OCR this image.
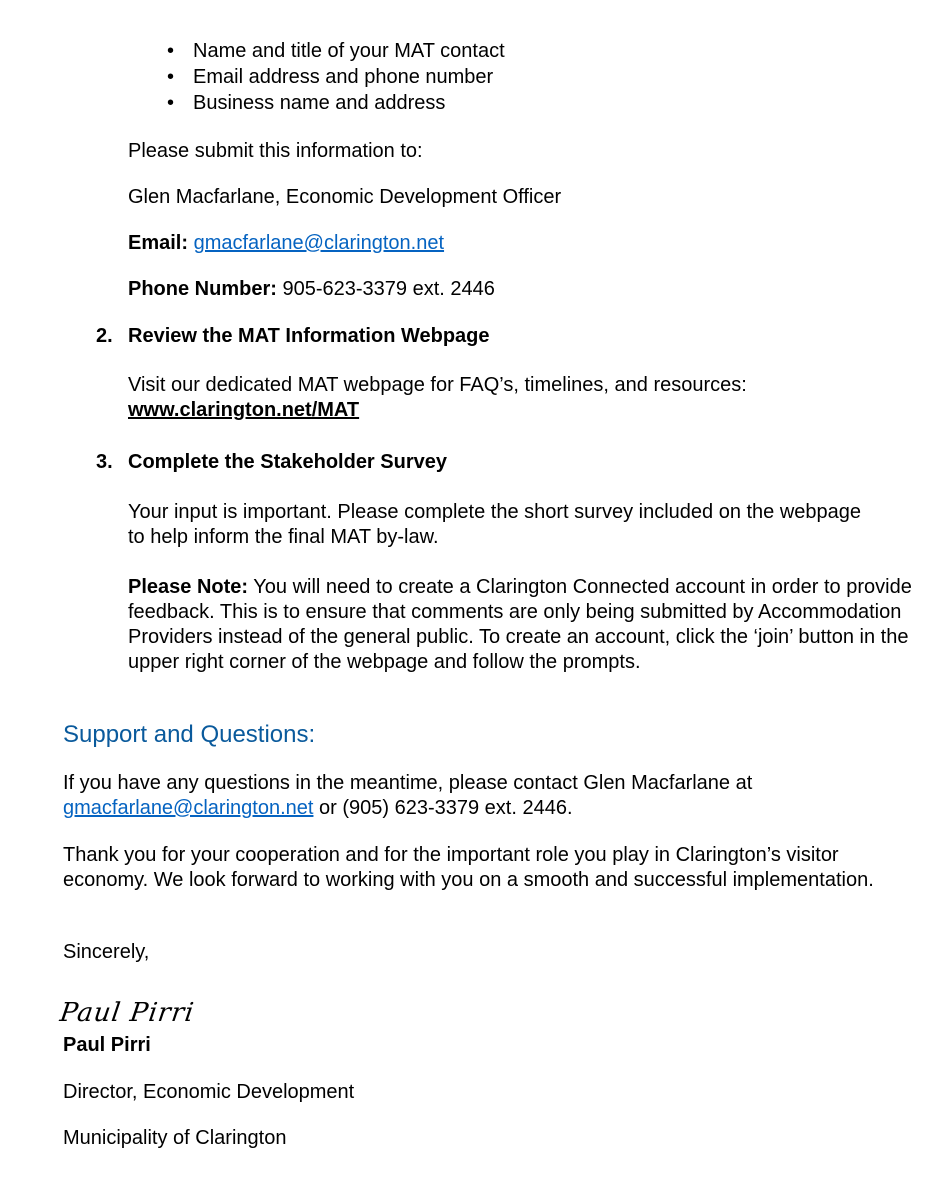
• Name and title of your MAT contact
• Email address and phone number
• Business name and address
Please submit this information to:
Glen Macfarlane, Economic Development Officer
Email: gmacfarlane@clarington.net
Phone Number: 905-623-3379 ext. 2446
2. Review the MAT Information Webpage
Visit our dedicated MAT webpage for FAQ’s, timelines, and resources:
www.clarington.net/MAT
3. Complete the Stakeholder Survey
Your input is important. Please complete the short survey included on the webpage to help inform the final MAT by-law.
Please Note: You will need to create a Clarington Connected account in order to provide feedback. This is to ensure that comments are only being submitted by Accommodation Providers instead of the general public. To create an account, click the ‘join’ button in the upper right corner of the webpage and follow the prompts.
Support and Questions:
If you have any questions in the meantime, please contact Glen Macfarlane at gmacfarlane@clarington.net or (905) 623-3379 ext. 2446.
Thank you for your cooperation and for the important role you play in Clarington’s visitor economy. We look forward to working with you on a smooth and successful implementation.
Sincerely,
Paul Pirri
Paul Pirri
Director, Economic Development
Municipality of Clarington
